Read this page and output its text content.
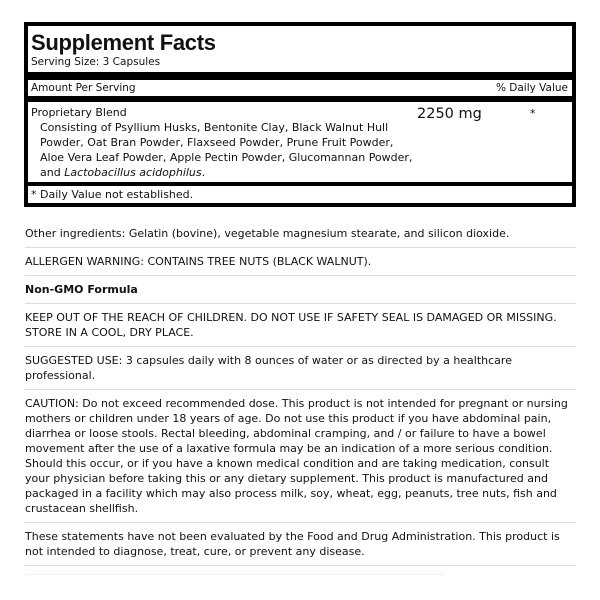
Supplement Facts
Serving Size: 3 Capsules
Amount Per Serving	% Daily Value
Proprietary Blend
Consisting of Psyllium Husks, Bentonite Clay, Black Walnut Hull Powder, Oat Bran Powder, Flaxseed Powder, Prune Fruit Powder, Aloe Vera Leaf Powder, Apple Pectin Powder, Glucomannan Powder, and Lactobacillus acidophilus.
2250 mg	*
* Daily Value not established.
Other ingredients: Gelatin (bovine), vegetable magnesium stearate, and silicon dioxide.
ALLERGEN WARNING: CONTAINS TREE NUTS (BLACK WALNUT).
Non-GMO Formula
KEEP OUT OF THE REACH OF CHILDREN. DO NOT USE IF SAFETY SEAL IS DAMAGED OR MISSING. STORE IN A COOL, DRY PLACE.
SUGGESTED USE: 3 capsules daily with 8 ounces of water or as directed by a healthcare professional.
CAUTION: Do not exceed recommended dose. This product is not intended for pregnant or nursing mothers or children under 18 years of age. Do not use this product if you have abdominal pain, diarrhea or loose stools. Rectal bleeding, abdominal cramping, and / or failure to have a bowel movement after the use of a laxative formula may be an indication of a more serious condition. Should this occur, or if you have a known medical condition and are taking medication, consult your physician before taking this or any dietary supplement. This product is manufactured and packaged in a facility which may also process milk, soy, wheat, egg, peanuts, tree nuts, fish and crustacean shellfish.
These statements have not been evaluated by the Food and Drug Administration. This product is not intended to diagnose, treat, cure, or prevent any disease.
